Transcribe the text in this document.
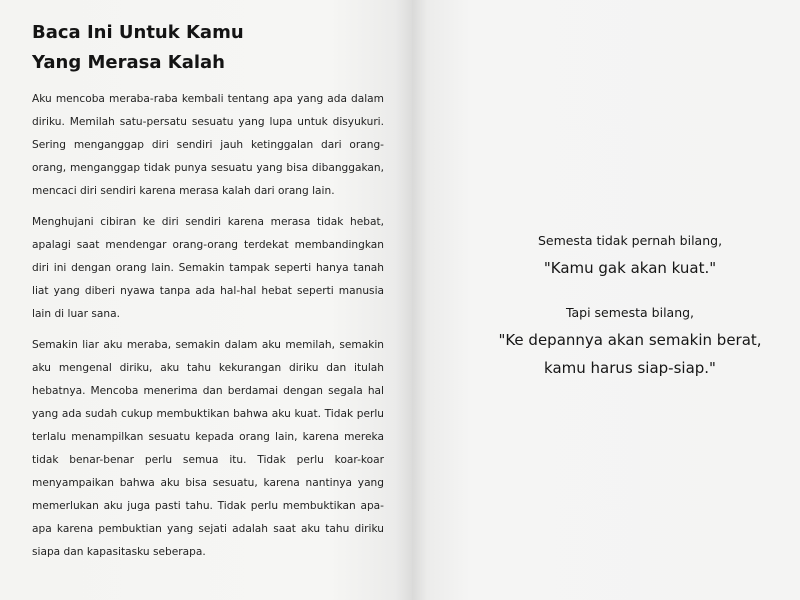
Baca Ini Untuk Kamu
Yang Merasa Kalah

Aku mencoba meraba-raba kembali tentang apa yang ada dalam diriku. Memilah satu-persatu sesuatu yang lupa untuk disyukuri. Sering menganggap diri sendiri jauh ketinggalan dari orang-orang, menganggap tidak punya sesuatu yang bisa dibanggakan, mencaci diri sendiri karena merasa kalah dari orang lain.

Menghujani cibiran ke diri sendiri karena merasa tidak hebat, apalagi saat mendengar orang-orang terdekat membandingkan diri ini dengan orang lain. Semakin tampak seperti hanya tanah liat yang diberi nyawa tanpa ada hal-hal hebat seperti manusia lain di luar sana.

Semakin liar aku meraba, semakin dalam aku memilah, semakin aku mengenal diriku, aku tahu kekurangan diriku dan itulah hebatnya. Mencoba menerima dan berdamai dengan segala hal yang ada sudah cukup membuktikan bahwa aku kuat. Tidak perlu terlalu menampilkan sesuatu kepada orang lain, karena mereka tidak benar-benar perlu semua itu. Tidak perlu koar-koar menyampaikan bahwa aku bisa sesuatu, karena nantinya yang memerlukan aku juga pasti tahu. Tidak perlu membuktikan apa-apa karena pembuktian yang sejati adalah saat aku tahu diriku siapa dan kapasitasku seberapa.

Semesta tidak pernah bilang,

"Kamu gak akan kuat."

Tapi semesta bilang,

"Ke depannya akan semakin berat,

kamu harus siap-siap."
